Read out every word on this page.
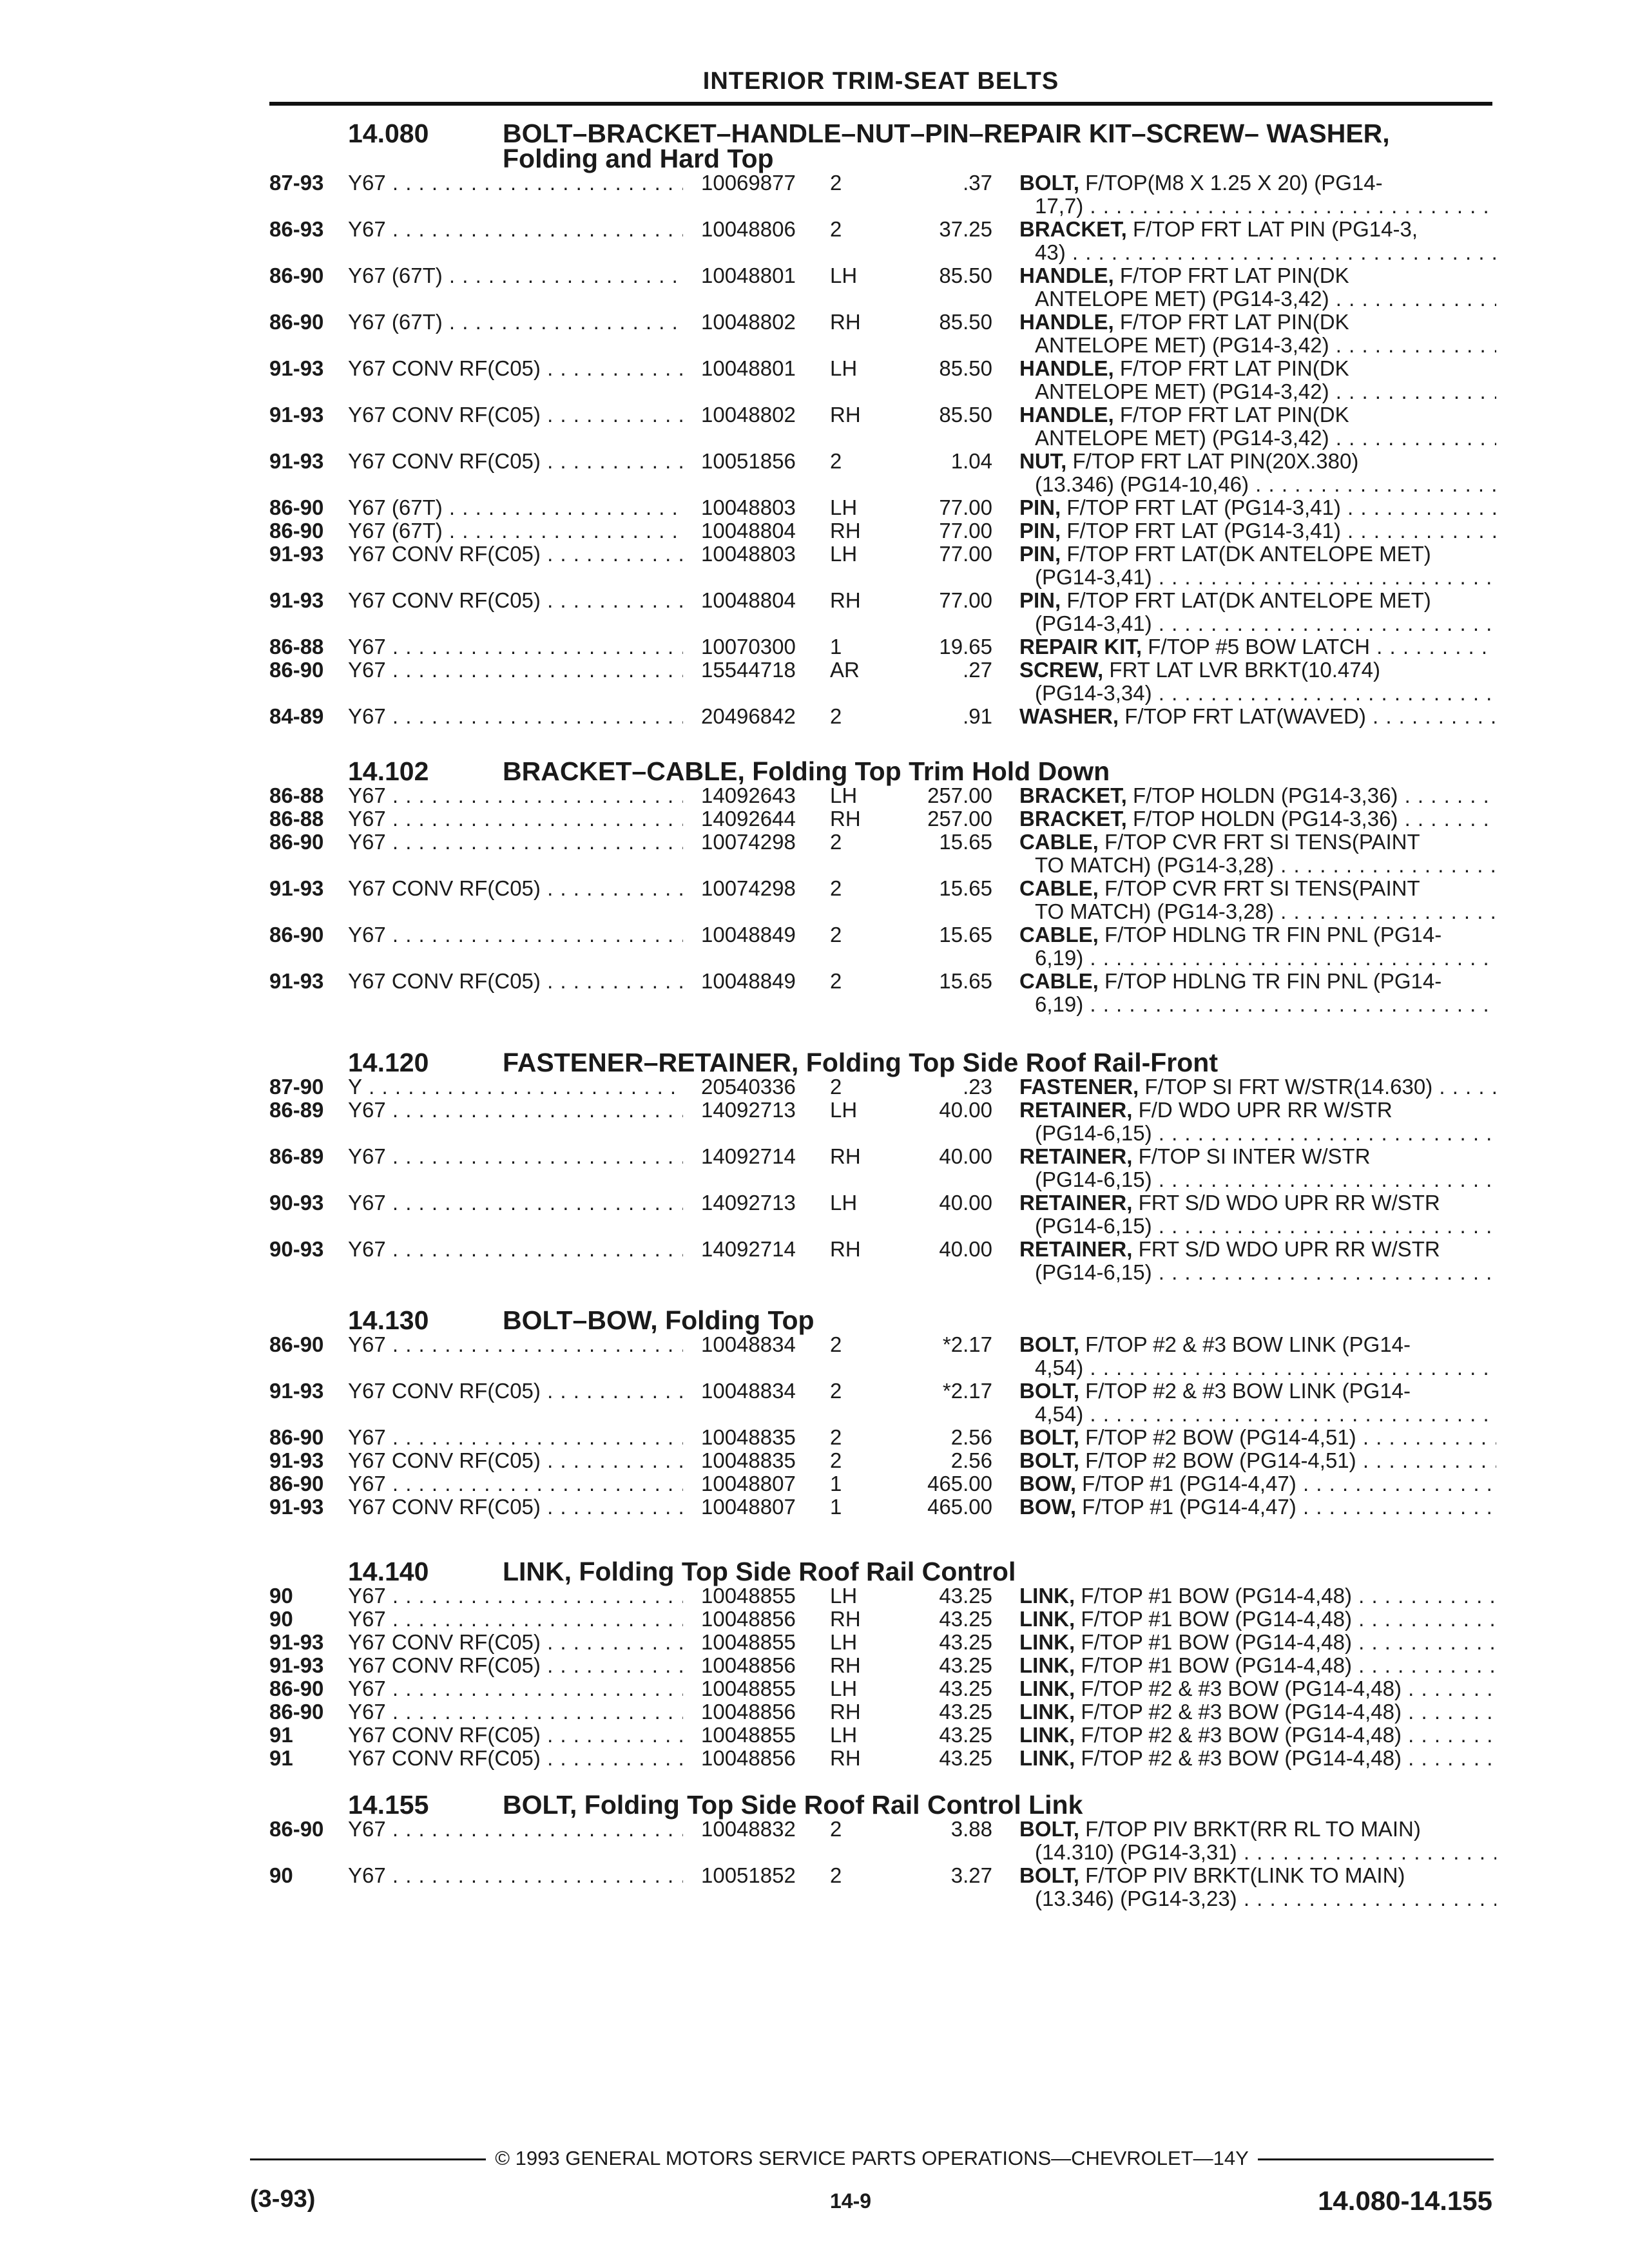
INTERIOR TRIM-SEAT BELTS
14.080	BOLT–BRACKET–HANDLE–NUT–PIN–REPAIR KIT–SCREW– WASHER,
Folding and Hard Top
87-93	Y67 . . .	10069877	2	.37 BOLT, F/TOP(M8 X 1.25 X 20) (PG14-
17,7) . . .
86-93	Y67 . . .	10048806	2	37.25 BRACKET, F/TOP FRT LAT PIN (PG14-3,
43) . . .
86-90	Y67 (67T) . . .	10048801	LH	85.50 HANDLE, F/TOP FRT LAT PIN(DK
ANTELOPE MET) (PG14-3,42) . . .
86-90	Y67 (67T) . . .	10048802	RH	85.50 HANDLE, F/TOP FRT LAT PIN(DK
ANTELOPE MET) (PG14-3,42) . . .
91-93	Y67 CONV RF(C05) . . .	10048801	LH	85.50 HANDLE, F/TOP FRT LAT PIN(DK
ANTELOPE MET) (PG14-3,42) . . .
91-93	Y67 CONV RF(C05) . . .	10048802	RH	85.50 HANDLE, F/TOP FRT LAT PIN(DK
ANTELOPE MET) (PG14-3,42) . . .
91-93	Y67 CONV RF(C05) . . .	10051856	2	1.04 NUT, F/TOP FRT LAT PIN(20X.380)
(13.346) (PG14-10,46) . . .
86-90	Y67 (67T) . . .	10048803	LH	77.00 PIN, F/TOP FRT LAT (PG14-3,41) . . .
86-90	Y67 (67T) . . .	10048804	RH	77.00 PIN, F/TOP FRT LAT (PG14-3,41) . . .
91-93	Y67 CONV RF(C05) . . .	10048803	LH	77.00 PIN, F/TOP FRT LAT(DK ANTELOPE MET)
(PG14-3,41) . . .
91-93	Y67 CONV RF(C05) . . .	10048804	RH	77.00 PIN, F/TOP FRT LAT(DK ANTELOPE MET)
(PG14-3,41) . . .
86-88	Y67 . . .	10070300	1	19.65 REPAIR KIT, F/TOP #5 BOW LATCH . . .
86-90	Y67 . . .	15544718	AR	.27 SCREW, FRT LAT LVR BRKT(10.474)
(PG14-3,34) . . .
84-89	Y67 . . .	20496842	2	.91 WASHER, F/TOP FRT LAT(WAVED) . . .
14.102	BRACKET–CABLE, Folding Top Trim Hold Down
86-88	Y67 . . .	14092643	LH	257.00 BRACKET, F/TOP HOLDN (PG14-3,36) . . .
86-88	Y67 . . .	14092644	RH	257.00 BRACKET, F/TOP HOLDN (PG14-3,36) . . .
86-90	Y67 . . .	10074298	2	15.65 CABLE, F/TOP CVR FRT SI TENS(PAINT
TO MATCH) (PG14-3,28) . . .
91-93	Y67 CONV RF(C05) . . .	10074298	2	15.65 CABLE, F/TOP CVR FRT SI TENS(PAINT
TO MATCH) (PG14-3,28) . . .
86-90	Y67 . . .	10048849	2	15.65 CABLE, F/TOP HDLNG TR FIN PNL (PG14-
6,19) . . .
91-93	Y67 CONV RF(C05) . . .	10048849	2	15.65 CABLE, F/TOP HDLNG TR FIN PNL (PG14-
6,19) . . .
14.120	FASTENER–RETAINER, Folding Top Side Roof Rail-Front
87-90	Y . . .	20540336	2	.23 FASTENER, F/TOP SI FRT W/STR(14.630) . . .
86-89	Y67 . . .	14092713	LH	40.00 RETAINER, F/D WDO UPR RR W/STR
(PG14-6,15) . . .
86-89	Y67 . . .	14092714	RH	40.00 RETAINER, F/TOP SI INTER W/STR
(PG14-6,15) . . .
90-93	Y67 . . .	14092713	LH	40.00 RETAINER, FRT S/D WDO UPR RR W/STR
(PG14-6,15) . . .
90-93	Y67 . . .	14092714	RH	40.00 RETAINER, FRT S/D WDO UPR RR W/STR
(PG14-6,15) . . .
14.130	BOLT–BOW, Folding Top
86-90	Y67 . . .	10048834	2	*2.17 BOLT, F/TOP #2 & #3 BOW LINK (PG14-
4,54) . . .
91-93	Y67 CONV RF(C05) . . .	10048834	2	*2.17 BOLT, F/TOP #2 & #3 BOW LINK (PG14-
4,54) . . .
86-90	Y67 . . .	10048835	2	2.56 BOLT, F/TOP #2 BOW (PG14-4,51) . . .
91-93	Y67 CONV RF(C05) . . .	10048835	2	2.56 BOLT, F/TOP #2 BOW (PG14-4,51) . . .
86-90	Y67 . . .	10048807	1	465.00 BOW, F/TOP #1 (PG14-4,47) . . .
91-93	Y67 CONV RF(C05) . . .	10048807	1	465.00 BOW, F/TOP #1 (PG14-4,47) . . .
14.140	LINK, Folding Top Side Roof Rail Control
90	Y67 . . .	10048855	LH	43.25 LINK, F/TOP #1 BOW (PG14-4,48) . . .
90	Y67 . . .	10048856	RH	43.25 LINK, F/TOP #1 BOW (PG14-4,48) . . .
91-93	Y67 CONV RF(C05) . . .	10048855	LH	43.25 LINK, F/TOP #1 BOW (PG14-4,48) . . .
91-93	Y67 CONV RF(C05) . . .	10048856	RH	43.25 LINK, F/TOP #1 BOW (PG14-4,48) . . .
86-90	Y67 . . .	10048855	LH	43.25 LINK, F/TOP #2 & #3 BOW (PG14-4,48) . . .
86-90	Y67 . . .	10048856	RH	43.25 LINK, F/TOP #2 & #3 BOW (PG14-4,48) . . .
91	Y67 CONV RF(C05) . . .	10048855	LH	43.25 LINK, F/TOP #2 & #3 BOW (PG14-4,48) . . .
91	Y67 CONV RF(C05) . . .	10048856	RH	43.25 LINK, F/TOP #2 & #3 BOW (PG14-4,48) . . .
14.155	BOLT, Folding Top Side Roof Rail Control Link
86-90	Y67 . . .	10048832	2	3.88 BOLT, F/TOP PIV BRKT(RR RL TO MAIN)
(14.310) (PG14-3,31) . . .
90	Y67 . . .	10051852	2	3.27 BOLT, F/TOP PIV BRKT(LINK TO MAIN)
(13.346) (PG14-3,23) . . .
© 1993 GENERAL MOTORS SERVICE PARTS OPERATIONS—CHEVROLET—14Y
(3-93)	14-9	14.080-14.155
